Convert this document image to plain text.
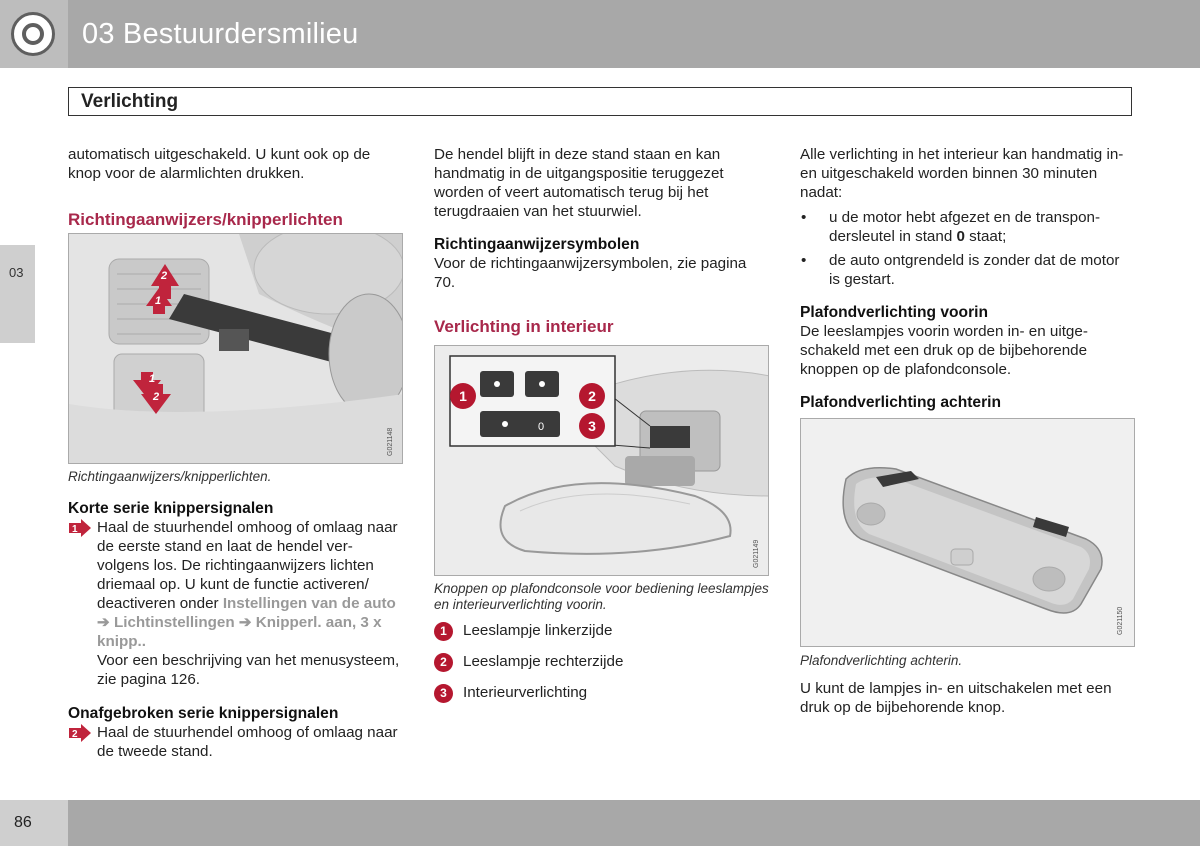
03 Bestuurdersmilieu
Verlichting
03
automatisch uitgeschakeld. U kunt ook op de knop voor de alarmlichten drukken.
Richtingaanwijzers/knipperlichten
2
1
1
2
G021148
Richtingaanwijzers/knipperlichten.
Korte serie knippersignalen
1 Haal de stuurhendel omhoog of omlaag naar de eerste stand en laat de hendel vervolgens los. De richtingaanwijzers lichten driemaal op. U kunt de functie activeren/ deactiveren onder Instellingen van de auto ➔ Lichtinstellingen ➔ Knipperl. aan, 3 x knipp..
Voor een beschrijving van het menusysteem, zie pagina 126.
Onafgebroken serie knippersignalen
2 Haal de stuurhendel omhoog of omlaag naar de tweede stand.
De hendel blijft in deze stand staan en kan handmatig in de uitgangspositie teruggezet worden of veert automatisch terug bij het terugdraaien van het stuurwiel.
Richtingaanwijzersymbolen
Voor de richtingaanwijzersymbolen, zie pagina 70.
Verlichting in interieur
0
1	2
3
G021149
Knoppen op plafondconsole voor bediening leeslampjes en interieurverlichting voorin.
1	Leeslampje linkerzijde
2	Leeslampje rechterzijde
3	Interieurverlichting
Alle verlichting in het interieur kan handmatig in- en uitgeschakeld worden binnen 30 minuten nadat:
• u de motor hebt afgezet en de transpondersleutel in stand 0 staat;
• de auto ontgrendeld is zonder dat de motor is gestart.
Plafondverlichting voorin
De leeslampjes voorin worden in- en uitgeschakeld met een druk op de bijbehorende knoppen op de plafondconsole.
Plafondverlichting achterin
G021150
Plafondverlichting achterin.
U kunt de lampjes in- en uitschakelen met een druk op de bijbehorende knop.
86
